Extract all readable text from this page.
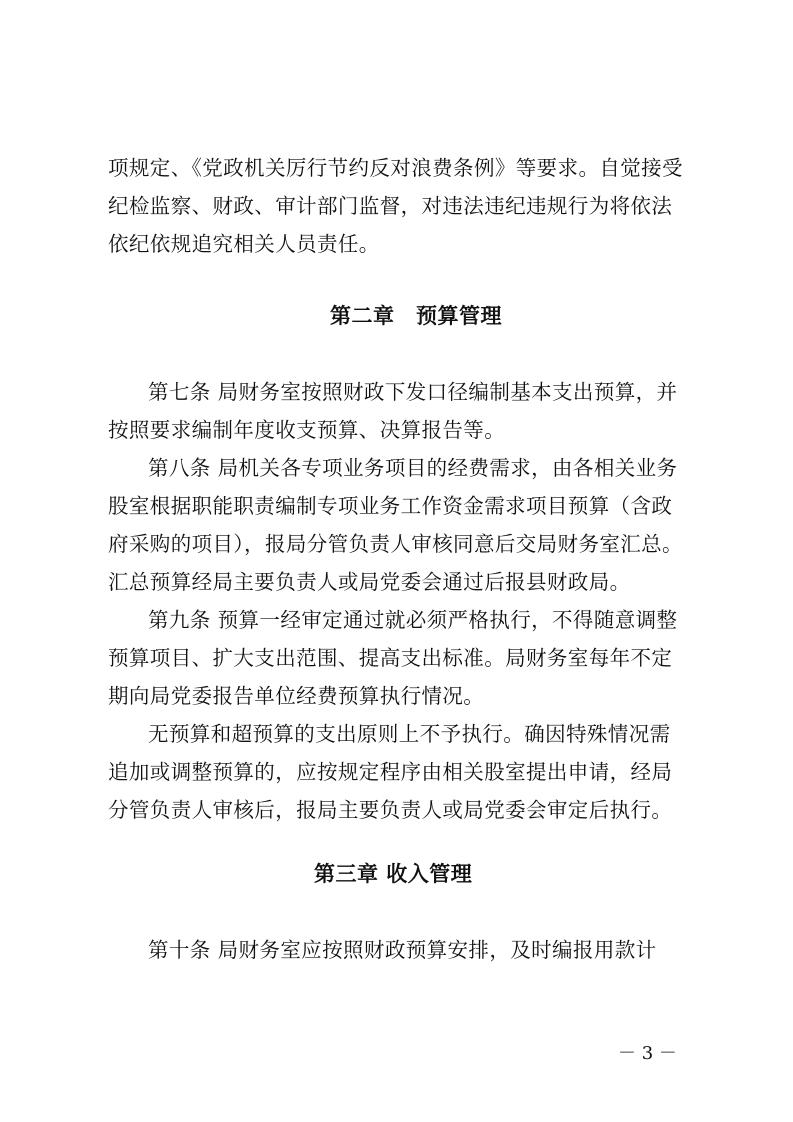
项规定、《党政机关厉行节约反对浪费条例》等要求。自觉接受
纪检监察、财政、审计部门监督，对违法违纪违规行为将依法
依纪依规追究相关人员责任。
第二章　预算管理
第七条 局财务室按照财政下发口径编制基本支出预算，并
按照要求编制年度收支预算、决算报告等。
第八条 局机关各专项业务项目的经费需求，由各相关业务
股室根据职能职责编制专项业务工作资金需求项目预算（含政
府采购的项目），报局分管负责人审核同意后交局财务室汇总。
汇总预算经局主要负责人或局党委会通过后报县财政局。
第九条 预算一经审定通过就必须严格执行，不得随意调整
预算项目、扩大支出范围、提高支出标准。局财务室每年不定
期向局党委报告单位经费预算执行情况。
无预算和超预算的支出原则上不予执行。确因特殊情况需
追加或调整预算的，应按规定程序由相关股室提出申请，经局
分管负责人审核后，报局主要负责人或局党委会审定后执行。
第三章 收入管理
第十条 局财务室应按照财政预算安排，及时编报用款计
－ 3 －
